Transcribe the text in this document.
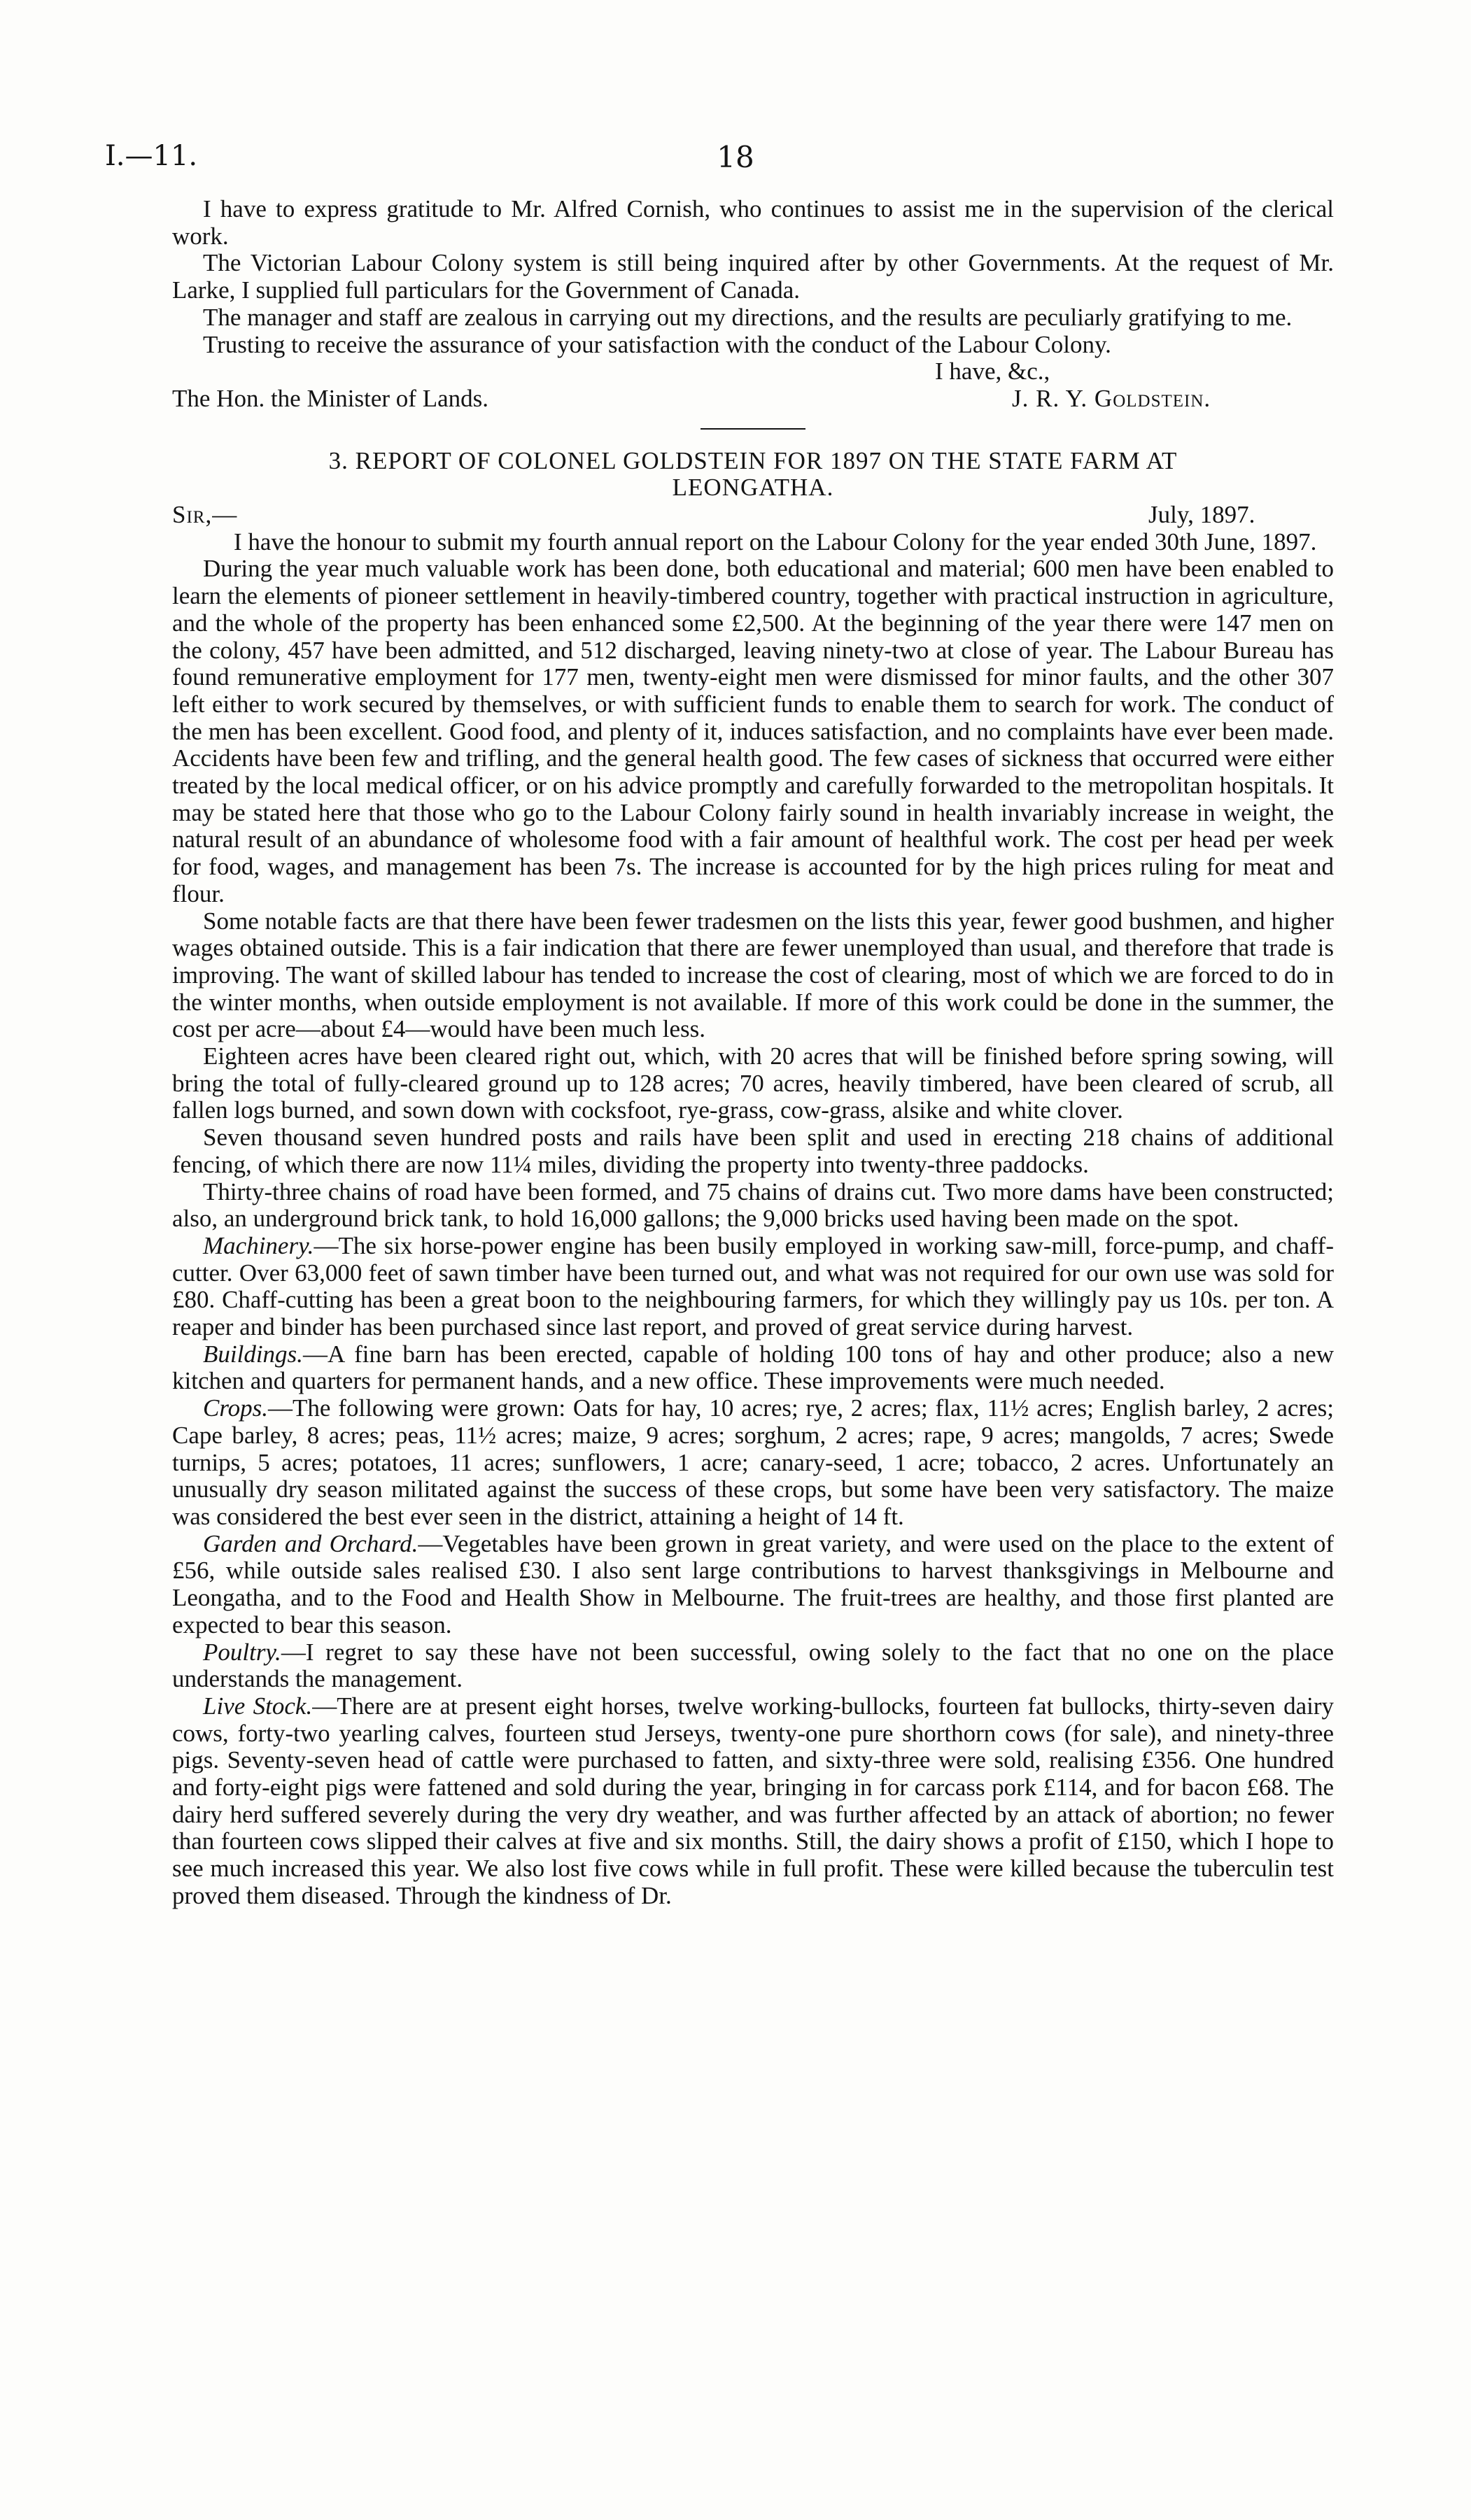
I.—11.	18

I have to express gratitude to Mr. Alfred Cornish, who continues to assist me in the supervision of the clerical work.

The Victorian Labour Colony system is still being inquired after by other Governments. At the request of Mr. Larke, I supplied full particulars for the Government of Canada.

The manager and staff are zealous in carrying out my directions, and the results are peculiarly gratifying to me.

Trusting to receive the assurance of your satisfaction with the conduct of the Labour Colony.

I have, &c.,
The Hon. the Minister of Lands.	J. R. Y. Goldstein.

3. REPORT OF COLONEL GOLDSTEIN FOR 1897 ON THE STATE FARM AT

LEONGATHA.

Sir,—	July, 1897.

I have the honour to submit my fourth annual report on the Labour Colony for the year ended 30th June, 1897.

During the year much valuable work has been done, both educational and material; 600 men have been enabled to learn the elements of pioneer settlement in heavily-timbered country, together with practical instruction in agriculture, and the whole of the property has been enhanced some £2,500. At the beginning of the year there were 147 men on the colony, 457 have been admitted, and 512 discharged, leaving ninety-two at close of year. The Labour Bureau has found remunerative employment for 177 men, twenty-eight men were dismissed for minor faults, and the other 307 left either to work secured by themselves, or with sufficient funds to enable them to search for work. The conduct of the men has been excellent. Good food, and plenty of it, induces satisfaction, and no complaints have ever been made. Accidents have been few and trifling, and the general health good. The few cases of sickness that occurred were either treated by the local medical officer, or on his advice promptly and carefully forwarded to the metropolitan hospitals. It may be stated here that those who go to the Labour Colony fairly sound in health invariably increase in weight, the natural result of an abundance of wholesome food with a fair amount of healthful work. The cost per head per week for food, wages, and management has been 7s. The increase is accounted for by the high prices ruling for meat and flour.

Some notable facts are that there have been fewer tradesmen on the lists this year, fewer good bushmen, and higher wages obtained outside. This is a fair indication that there are fewer unemployed than usual, and therefore that trade is improving. The want of skilled labour has tended to increase the cost of clearing, most of which we are forced to do in the winter months, when outside employment is not available. If more of this work could be done in the summer, the cost per acre—about £4—would have been much less.

Eighteen acres have been cleared right out, which, with 20 acres that will be finished before spring sowing, will bring the total of fully-cleared ground up to 128 acres; 70 acres, heavily timbered, have been cleared of scrub, all fallen logs burned, and sown down with cocksfoot, rye-grass, cow-grass, alsike and white clover.

Seven thousand seven hundred posts and rails have been split and used in erecting 218 chains of additional fencing, of which there are now 11¼ miles, dividing the property into twenty-three paddocks.

Thirty-three chains of road have been formed, and 75 chains of drains cut. Two more dams have been constructed; also, an underground brick tank, to hold 16,000 gallons; the 9,000 bricks used having been made on the spot.

Machinery.—The six horse-power engine has been busily employed in working saw-mill, force-pump, and chaff-cutter. Over 63,000 feet of sawn timber have been turned out, and what was not required for our own use was sold for £80. Chaff-cutting has been a great boon to the neighbouring farmers, for which they willingly pay us 10s. per ton. A reaper and binder has been purchased since last report, and proved of great service during harvest.

Buildings.—A fine barn has been erected, capable of holding 100 tons of hay and other produce; also a new kitchen and quarters for permanent hands, and a new office. These improvements were much needed.

Crops.—The following were grown: Oats for hay, 10 acres; rye, 2 acres; flax, 11½ acres; English barley, 2 acres; Cape barley, 8 acres; peas, 11½ acres; maize, 9 acres; sorghum, 2 acres; rape, 9 acres; mangolds, 7 acres; Swede turnips, 5 acres; potatoes, 11 acres; sunflowers, 1 acre; canary-seed, 1 acre; tobacco, 2 acres. Unfortunately an unusually dry season militated against the success of these crops, but some have been very satisfactory. The maize was considered the best ever seen in the district, attaining a height of 14 ft.

Garden and Orchard.—Vegetables have been grown in great variety, and were used on the place to the extent of £56, while outside sales realised £30. I also sent large contributions to harvest thanksgivings in Melbourne and Leongatha, and to the Food and Health Show in Melbourne. The fruit-trees are healthy, and those first planted are expected to bear this season.

Poultry.—I regret to say these have not been successful, owing solely to the fact that no one on the place understands the management.

Live Stock.—There are at present eight horses, twelve working-bullocks, fourteen fat bullocks, thirty-seven dairy cows, forty-two yearling calves, fourteen stud Jerseys, twenty-one pure shorthorn cows (for sale), and ninety-three pigs. Seventy-seven head of cattle were purchased to fatten, and sixty-three were sold, realising £356. One hundred and forty-eight pigs were fattened and sold during the year, bringing in for carcass pork £114, and for bacon £68. The dairy herd suffered severely during the very dry weather, and was further affected by an attack of abortion; no fewer than fourteen cows slipped their calves at five and six months. Still, the dairy shows a profit of £150, which I hope to see much increased this year. We also lost five cows while in full profit. These were killed because the tuberculin test proved them diseased. Through the kindness of Dr.
